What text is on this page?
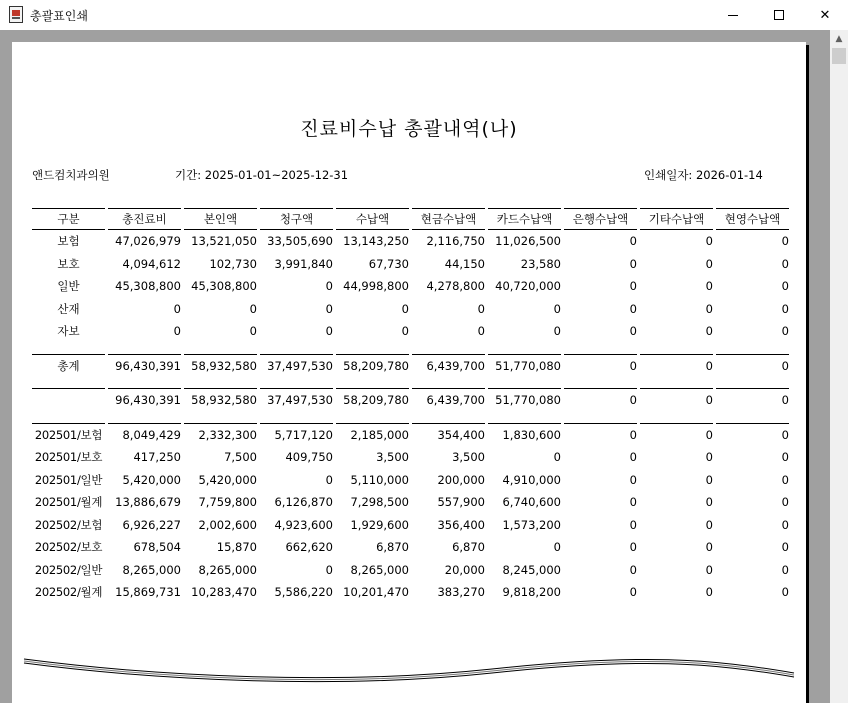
총괄표인쇄	✕
진료비수납 총괄내역(나)
앤드컴치과의원	기간: 2025-01-01~2025-12-31	인쇄일자: 2026-01-14
구분		총진료비		본인액		청구액		수납액		현금수납액		카드수납액		은행수납액		기타수납액		현영수납액
보험		47,026,979		13,521,050		33,505,690		13,143,250		2,116,750		11,026,500		0		0		0
보호		4,094,612		102,730		3,991,840		67,730		44,150		23,580		0		0		0
일반		45,308,800		45,308,800		0		44,998,800		4,278,800		40,720,000		0		0		0
산재		0		0		0		0		0		0		0		0		0
자보		0		0		0		0		0		0		0		0		0

총계		96,430,391		58,932,580		37,497,530		58,209,780		6,439,700		51,770,080		0		0		0

		96,430,391		58,932,580		37,497,530		58,209,780		6,439,700		51,770,080		0		0		0

202501/보험		8,049,429		2,332,300		5,717,120		2,185,000		354,400		1,830,600		0		0		0
202501/보호		417,250		7,500		409,750		3,500		3,500		0		0		0		0
202501/일반		5,420,000		5,420,000		0		5,110,000		200,000		4,910,000		0		0		0
202501/월계		13,886,679		7,759,800		6,126,870		7,298,500		557,900		6,740,600		0		0		0
202502/보험		6,926,227		2,002,600		4,923,600		1,929,600		356,400		1,573,200		0		0		0
202502/보호		678,504		15,870		662,620		6,870		6,870		0		0		0		0
202502/일반		8,265,000		8,265,000		0		8,265,000		20,000		8,245,000		0		0		0
202502/월계		15,869,731		10,283,470		5,586,220		10,201,470		383,270		9,818,200		0		0		0
▲
